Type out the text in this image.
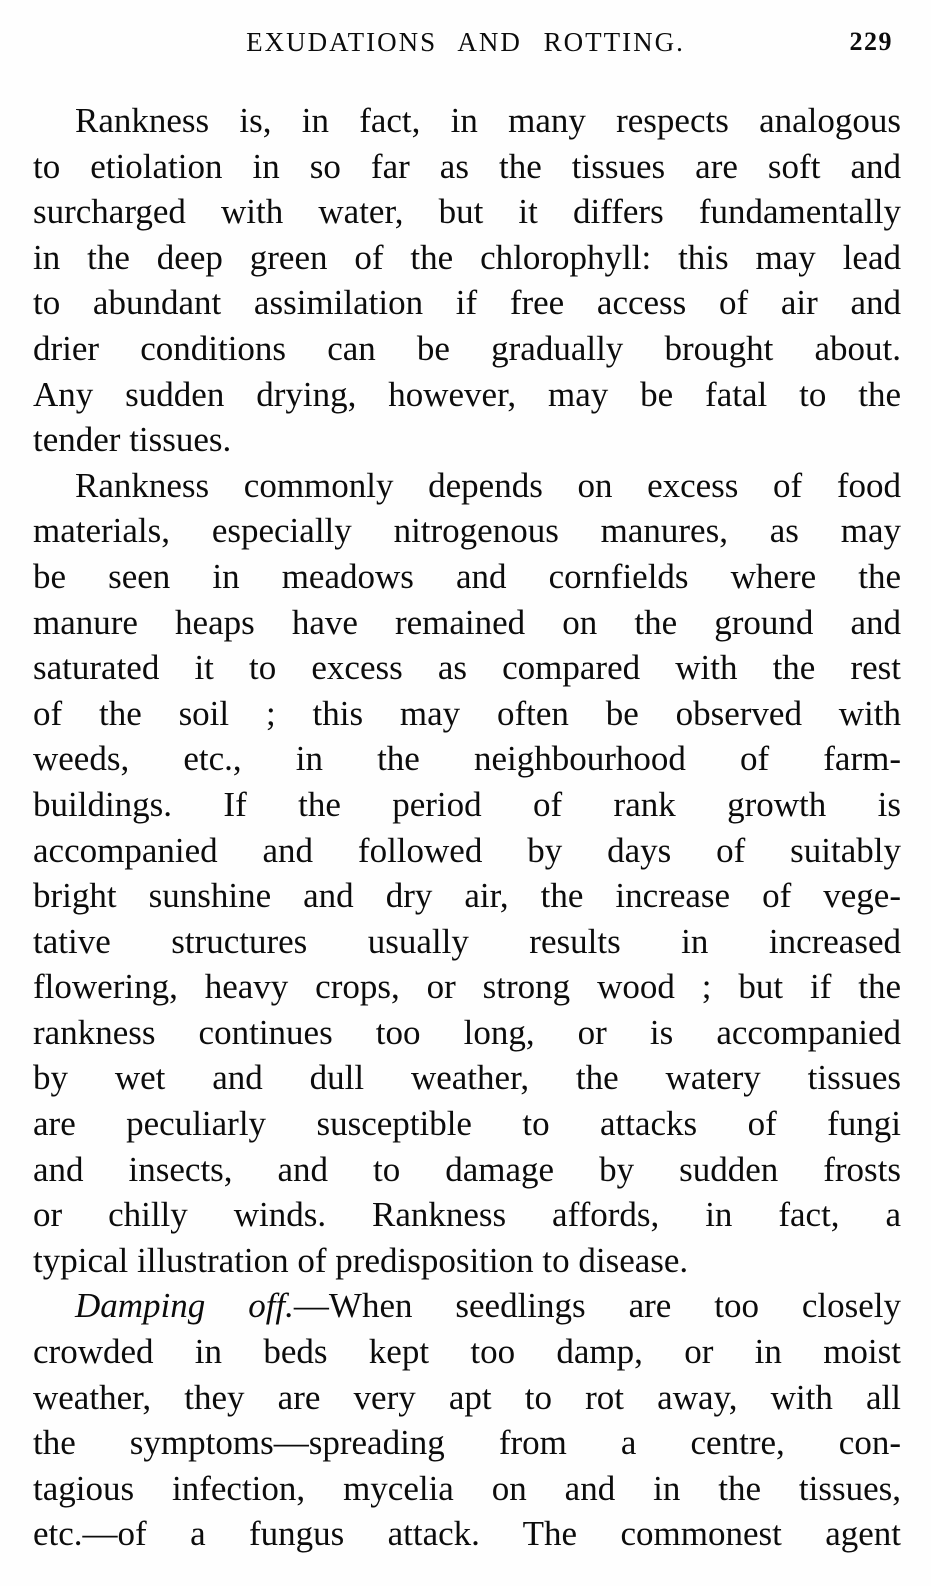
EXUDATIONS AND ROTTING.	229
Rankness is, in fact, in many respects analogous
to etiolation in so far as the tissues are soft and
surcharged with water, but it differs fundamentally
in the deep green of the chlorophyll: this may lead
to abundant assimilation if free access of air and
drier conditions can be gradually brought about.
Any sudden drying, however, may be fatal to the
tender tissues.
Rankness commonly depends on excess of food
materials, especially nitrogenous manures, as may
be seen in meadows and cornfields where the
manure heaps have remained on the ground and
saturated it to excess as compared with the rest
of the soil ; this may often be observed with
weeds, etc., in the neighbourhood of farm-
buildings. If the period of rank growth is
accompanied and followed by days of suitably
bright sunshine and dry air, the increase of vege-
tative structures usually results in increased
flowering, heavy crops, or strong wood ; but if the
rankness continues too long, or is accompanied
by wet and dull weather, the watery tissues
are peculiarly susceptible to attacks of fungi
and insects, and to damage by sudden frosts
or chilly winds. Rankness affords, in fact, a
typical illustration of predisposition to disease.
Damping off.—When seedlings are too closely
crowded in beds kept too damp, or in moist
weather, they are very apt to rot away, with all
the symptoms—spreading from a centre, con-
tagious infection, mycelia on and in the tissues,
etc.—of a fungus attack. The commonest agent
